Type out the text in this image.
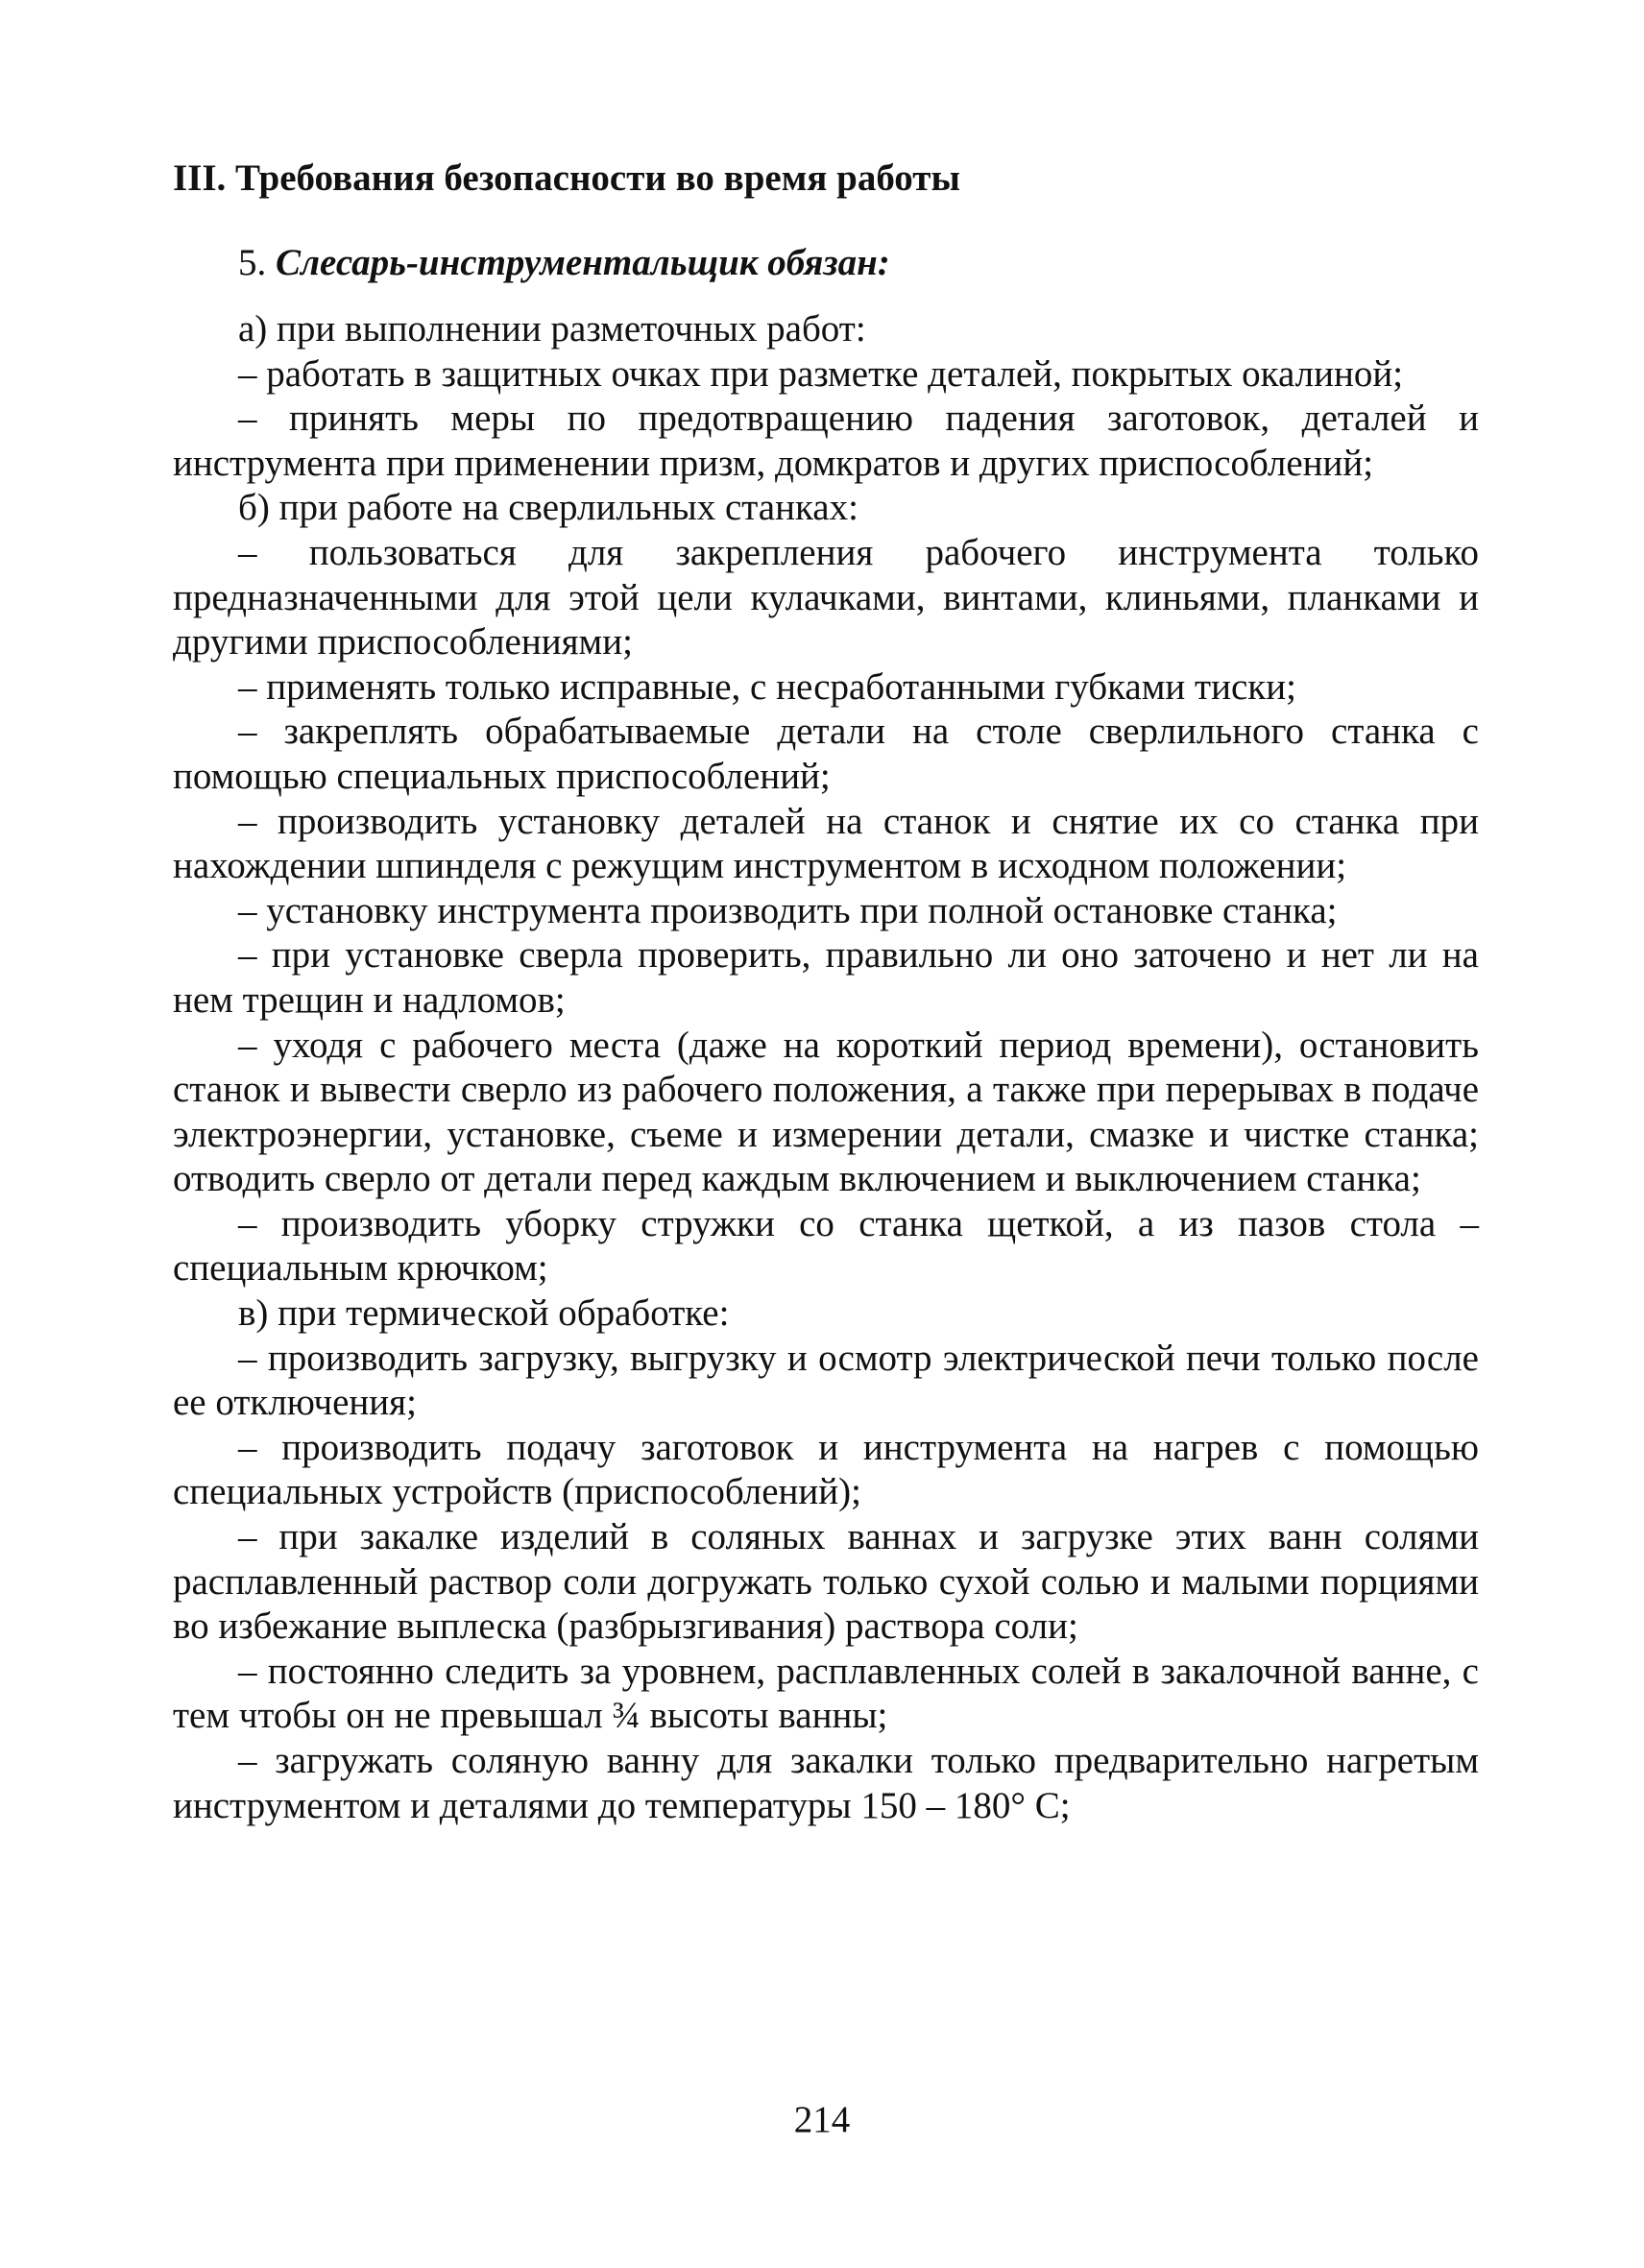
III. Требования безопасности во время работы
5. Слесарь-инструментальщик обязан:

а) при выполнении разметочных работ:

– работать в защитных очках при разметке деталей, покрытых окалиной;

– принять меры по предотвращению падения заготовок, деталей и инструмента при применении призм, домкратов и других приспособлений;

б) при работе на сверлильных станках:

– пользоваться для закрепления рабочего инструмента только предназначенными для этой цели кулачками, винтами, клиньями, планками и другими приспособлениями;

– применять только исправные, с несработанными губками тиски;

– закреплять обрабатываемые детали на столе сверлильного станка с помощью специальных приспособлений;

– производить установку деталей на станок и снятие их со станка при нахождении шпинделя с режущим инструментом в исходном положении;

– установку инструмента производить при полной остановке станка;

– при установке сверла проверить, правильно ли оно заточено и нет ли на нем трещин и надломов;

– уходя с рабочего места (даже на короткий период времени), остановить станок и вывести сверло из рабочего положения, а также при перерывах в подаче электроэнергии, установке, съеме и измерении детали, смазке и чистке станка; отводить сверло от детали перед каждым включением и выключением станка;

– производить уборку стружки со станка щеткой, а из пазов стола – специальным крючком;

в) при термической обработке:

– производить загрузку, выгрузку и осмотр электрической печи только после ее отключения;

– производить подачу заготовок и инструмента на нагрев с помощью специальных устройств (приспособлений);

– при закалке изделий в соляных ваннах и загрузке этих ванн солями расплавленный раствор соли догружать только сухой солью и малыми порциями во избежание выплеска (разбрызгивания) раствора соли;

– постоянно следить за уровнем, расплавленных солей в закалочной ванне, с тем чтобы он не превышал ¾ высоты ванны;

– загружать соляную ванну для закалки только предварительно нагретым инструментом и деталями до температуры 150 – 180° С;

214
